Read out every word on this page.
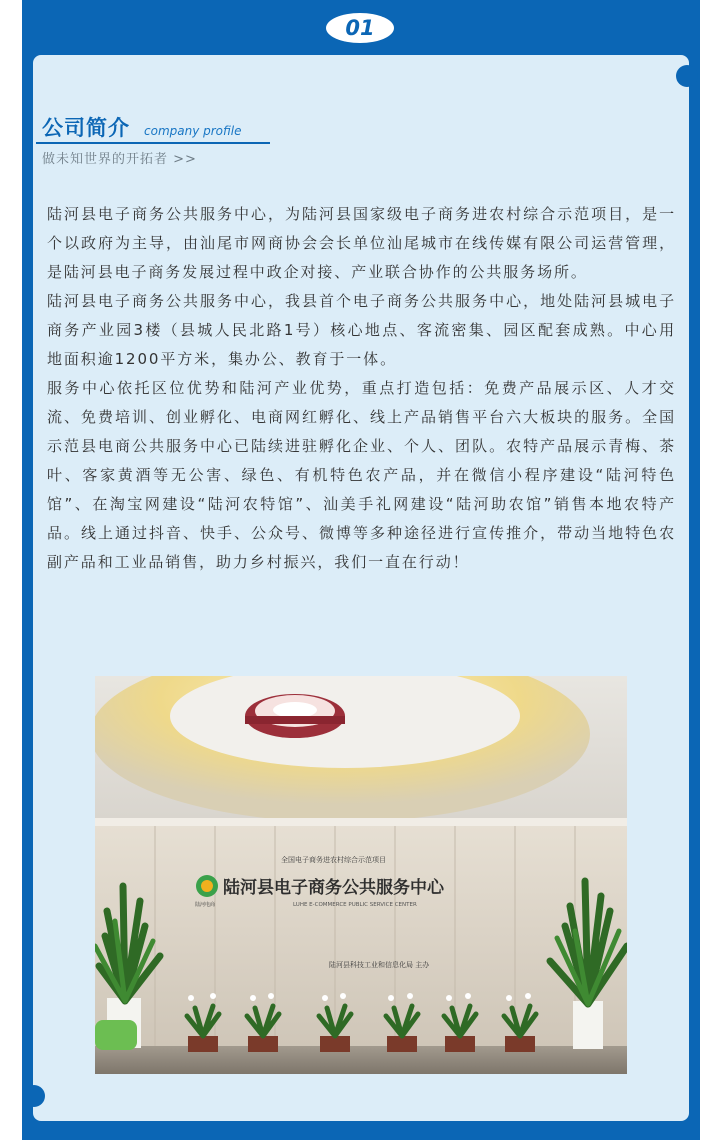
01
公司简介 company profile
做未知世界的开拓者 >>

陆河县电子商务公共服务中心，为陆河县国家级电子商务进农村综合示范项目，是一个以政府为主导，由汕尾市网商协会会长单位汕尾城市在线传媒有限公司运营管理，是陆河县电子商务发展过程中政企对接、产业联合协作的公共服务场所。

陆河县电子商务公共服务中心，我县首个电子商务公共服务中心，地处陆河县城电子商务产业园3楼（县城人民北路1号）核心地点、客流密集、园区配套成熟。中心用地面积逾1200平方米，集办公、教育于一体。

服务中心依托区位优势和陆河产业优势，重点打造包括：免费产品展示区、人才交流、免费培训、创业孵化、电商网红孵化、线上产品销售平台六大板块的服务。全国示范县电商公共服务中心已陆续进驻孵化企业、个人、团队。农特产品展示青梅、茶叶、客家黄酒等无公害、绿色、有机特色农产品，并在微信小程序建设“陆河特色馆”、在淘宝网建设“陆河农特馆”、汕美手礼网建设“陆河助农馆”销售本地农特产品。线上通过抖音、快手、公众号、微博等多种途径进行宣传推介，带动当地特色农副产品和工业品销售，助力乡村振兴，我们一直在行动！

全国电子商务进农村综合示范项目
陆河电商
陆河县电子商务公共服务中心
LUHE E-COMMERCE PUBLIC SERVICE CENTER
陆河县科技工业和信息化局 主办
